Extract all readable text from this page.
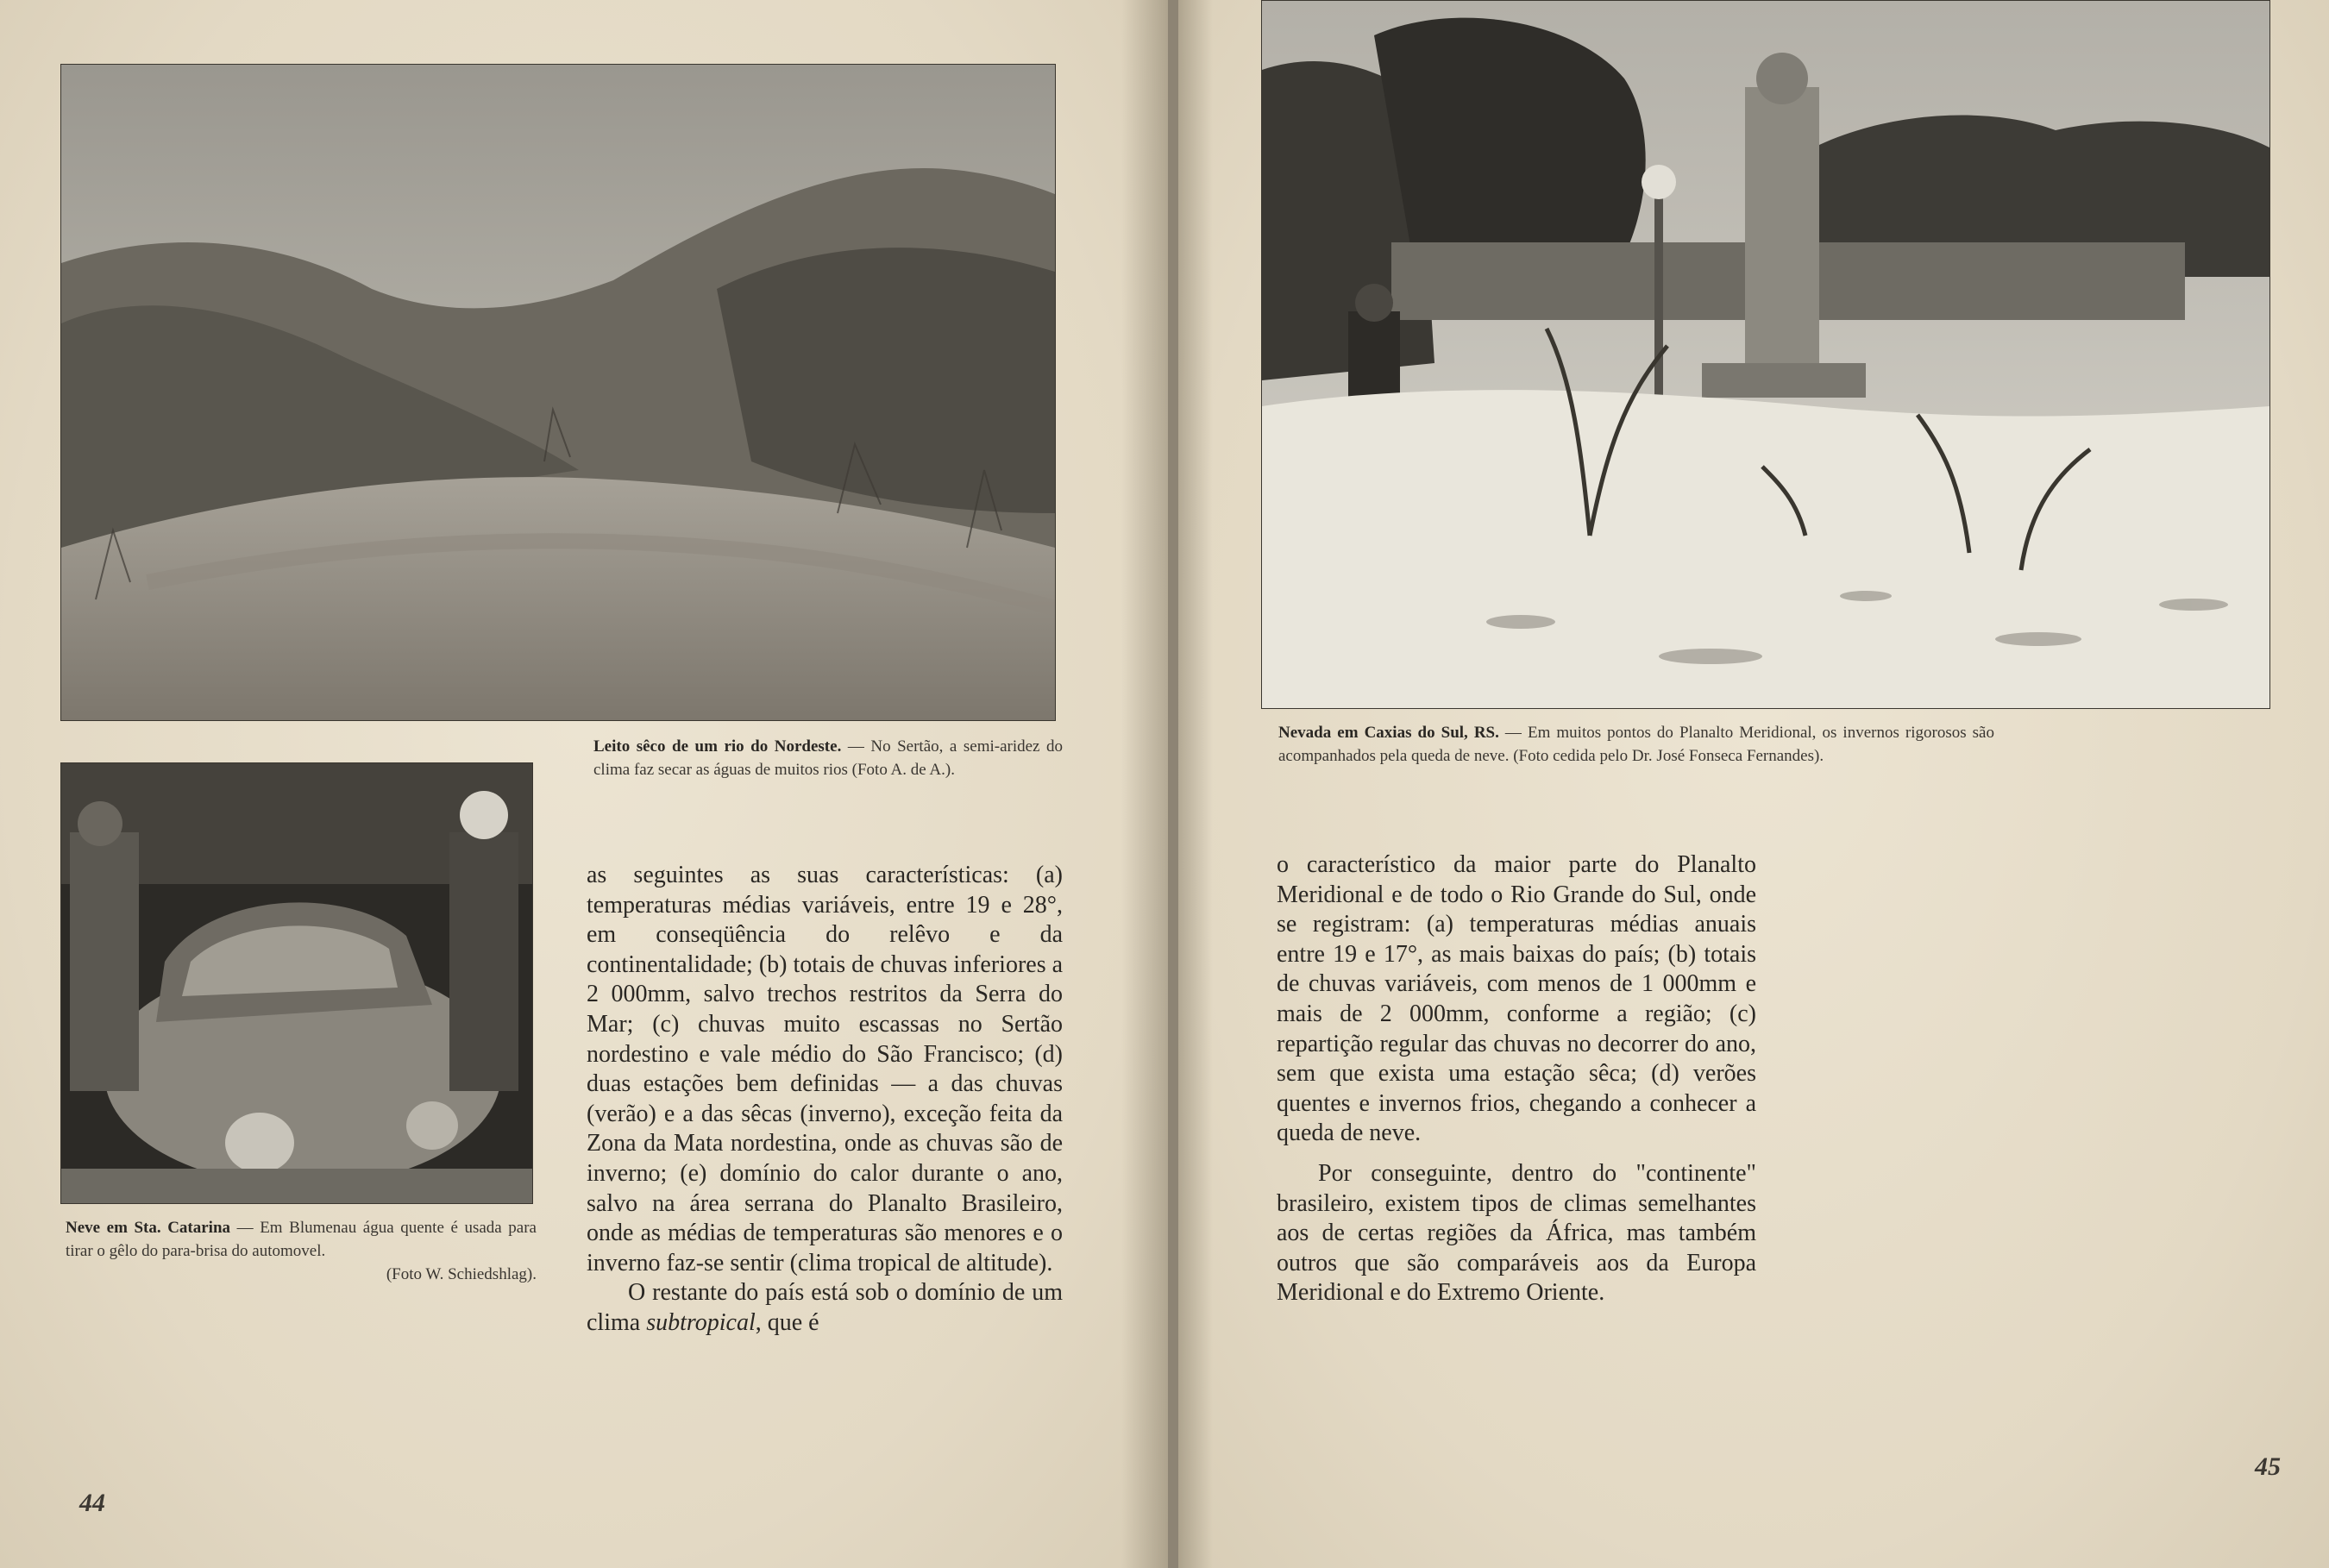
Leito sêco de um rio do Nordeste. — No Sertão, a semi-aridez do clima faz secar as águas de muitos rios (Foto A. de A.).
Neve em Sta. Catarina — Em Blumenau água quente é usada para tirar o gêlo do para-brisa do automovel.
(Foto W. Schiedshlag).

as seguintes as suas características: (a) temperaturas médias variáveis, entre 19 e 28°, em conseqüência do relêvo e da continentalidade; (b) totais de chuvas inferiores a 2 000mm, salvo trechos restritos da Serra do Mar; (c) chuvas muito escassas no Sertão nordestino e vale médio do São Francisco; (d) duas estações bem definidas — a das chuvas (verão) e a das sêcas (inverno), exceção feita da Zona da Mata nordestina, onde as chuvas são de inverno; (e) domínio do calor durante o ano, salvo na área serrana do Planalto Brasileiro, onde as médias de temperaturas são menores e o inverno faz-se sentir (clima tropical de altitude).

O restante do país está sob o domínio de um clima subtropical, que é

44
Nevada em Caxias do Sul, RS. — Em muitos pontos do Planalto Meridional, os invernos rigorosos são acompanhados pela queda de neve. (Foto cedida pelo Dr. José Fonseca Fernandes).

o característico da maior parte do Planalto Meridional e de todo o Rio Grande do Sul, onde se registram: (a) temperaturas médias anuais entre 19 e 17°, as mais baixas do país; (b) totais de chuvas variáveis, com menos de 1 000mm e mais de 2 000mm, conforme a região; (c) repartição regular das chuvas no decorrer do ano, sem que exista uma estação sêca; (d) verões quentes e invernos frios, chegando a conhecer a queda de neve.

Por conseguinte, dentro do "continente" brasileiro, existem tipos de climas semelhantes aos de certas regiões da África, mas também outros que são comparáveis aos da Europa Meridional e do Extremo Oriente.

45
